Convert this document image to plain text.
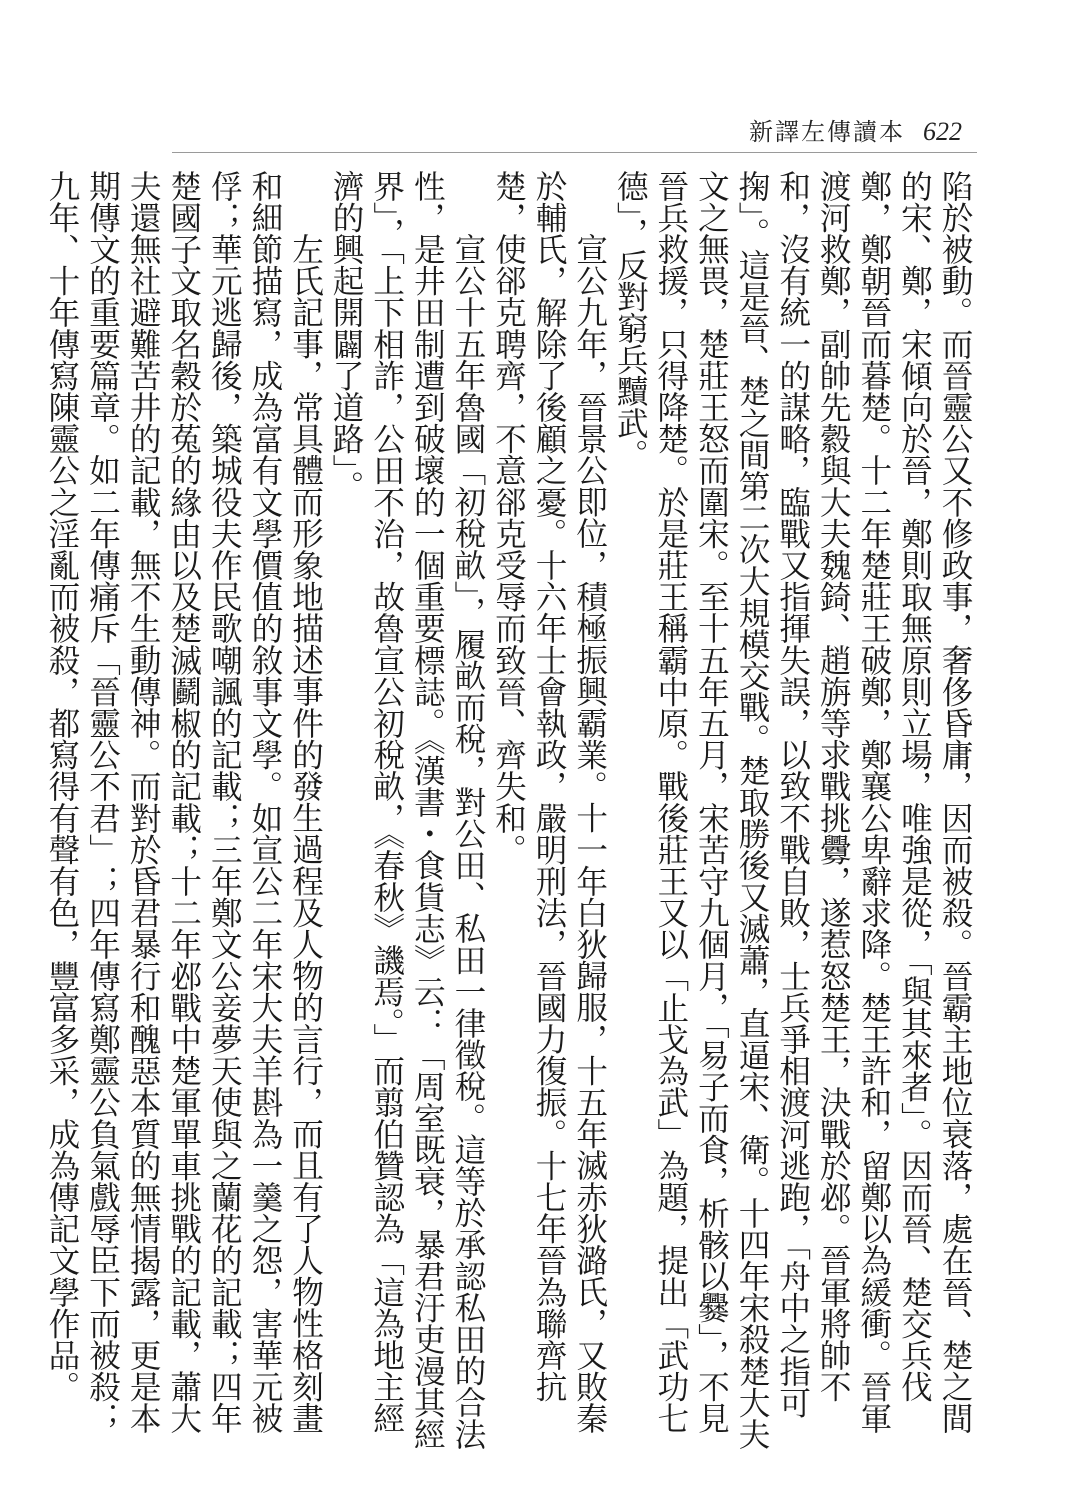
新譯左傳讀本 622

陷於被動。而晉靈公又不修政事，奢侈昏庸，因而被殺。晉霸主地位衰落，處在晉、楚之間的宋、鄭，宋傾向於晉，鄭則取無原則立場，唯強是從，「與其來者」。因而晉、楚交兵伐鄭，鄭朝晉而暮楚。十二年楚莊王破鄭，鄭襄公卑辭求降。楚王許和，留鄭以為緩衝。晉軍渡河救鄭，副帥先縠與大夫魏錡、趙旃等求戰挑釁，遂惹怒楚王，決戰於邲。晉軍將帥不和，沒有統一的謀略，臨戰又指揮失誤，以致不戰自敗，士兵爭相渡河逃跑，「舟中之指可掬」。這是晉、楚之間第二次大規模交戰。楚取勝後又滅蕭，直逼宋、衛。十四年宋殺楚大夫文之無畏，楚莊王怒而圍宋。至十五年五月，宋苦守九個月，「易子而食，析骸以爨」，不見晉兵救援，只得降楚。於是莊王稱霸中原。戰後莊王又以「止戈為武」為題，提出「武功七德」，反對窮兵黷武。

宣公九年，晉景公即位，積極振興霸業。十一年白狄歸服，十五年滅赤狄潞氏，又敗秦於輔氏，解除了後顧之憂。十六年士會執政，嚴明刑法，晉國力復振。十七年晉為聯齊抗楚，使郤克聘齊，不意郤克受辱而致晉、齊失和。

宣公十五年魯國「初稅畝」，履畝而稅，對公田、私田一律徵稅。這等於承認私田的合法性，是井田制遭到破壞的一個重要標誌。《漢書・食貨志》云：「周室既衰，暴君汙吏漫其經界」，「上下相詐，公田不治，故魯宣公初稅畝，《春秋》譏焉。」而翦伯贊認為「這為地主經濟的興起開闢了道路」。

左氏記事，常具體而形象地描述事件的發生過程及人物的言行，而且有了人物性格刻畫和細節描寫，成為富有文學價值的敘事文學。如宣公二年宋大夫羊斟為一羹之怨，害華元被俘；華元逃歸後，築城役夫作民歌嘲諷的記載；三年鄭文公妾夢天使與之蘭花的記載；四年楚國子文取名穀於菟的緣由以及楚滅鬬椒的記載；十二年邲戰中楚軍單車挑戰的記載，蕭大夫還無社避難苦井的記載，無不生動傳神。而對於昏君暴行和醜惡本質的無情揭露，更是本期傳文的重要篇章。如二年傳痛斥「晉靈公不君」；四年傳寫鄭靈公負氣戲辱臣下而被殺；九年、十年傳寫陳靈公之淫亂而被殺，都寫得有聲有色，豐富多采，成為傳記文學作品。
